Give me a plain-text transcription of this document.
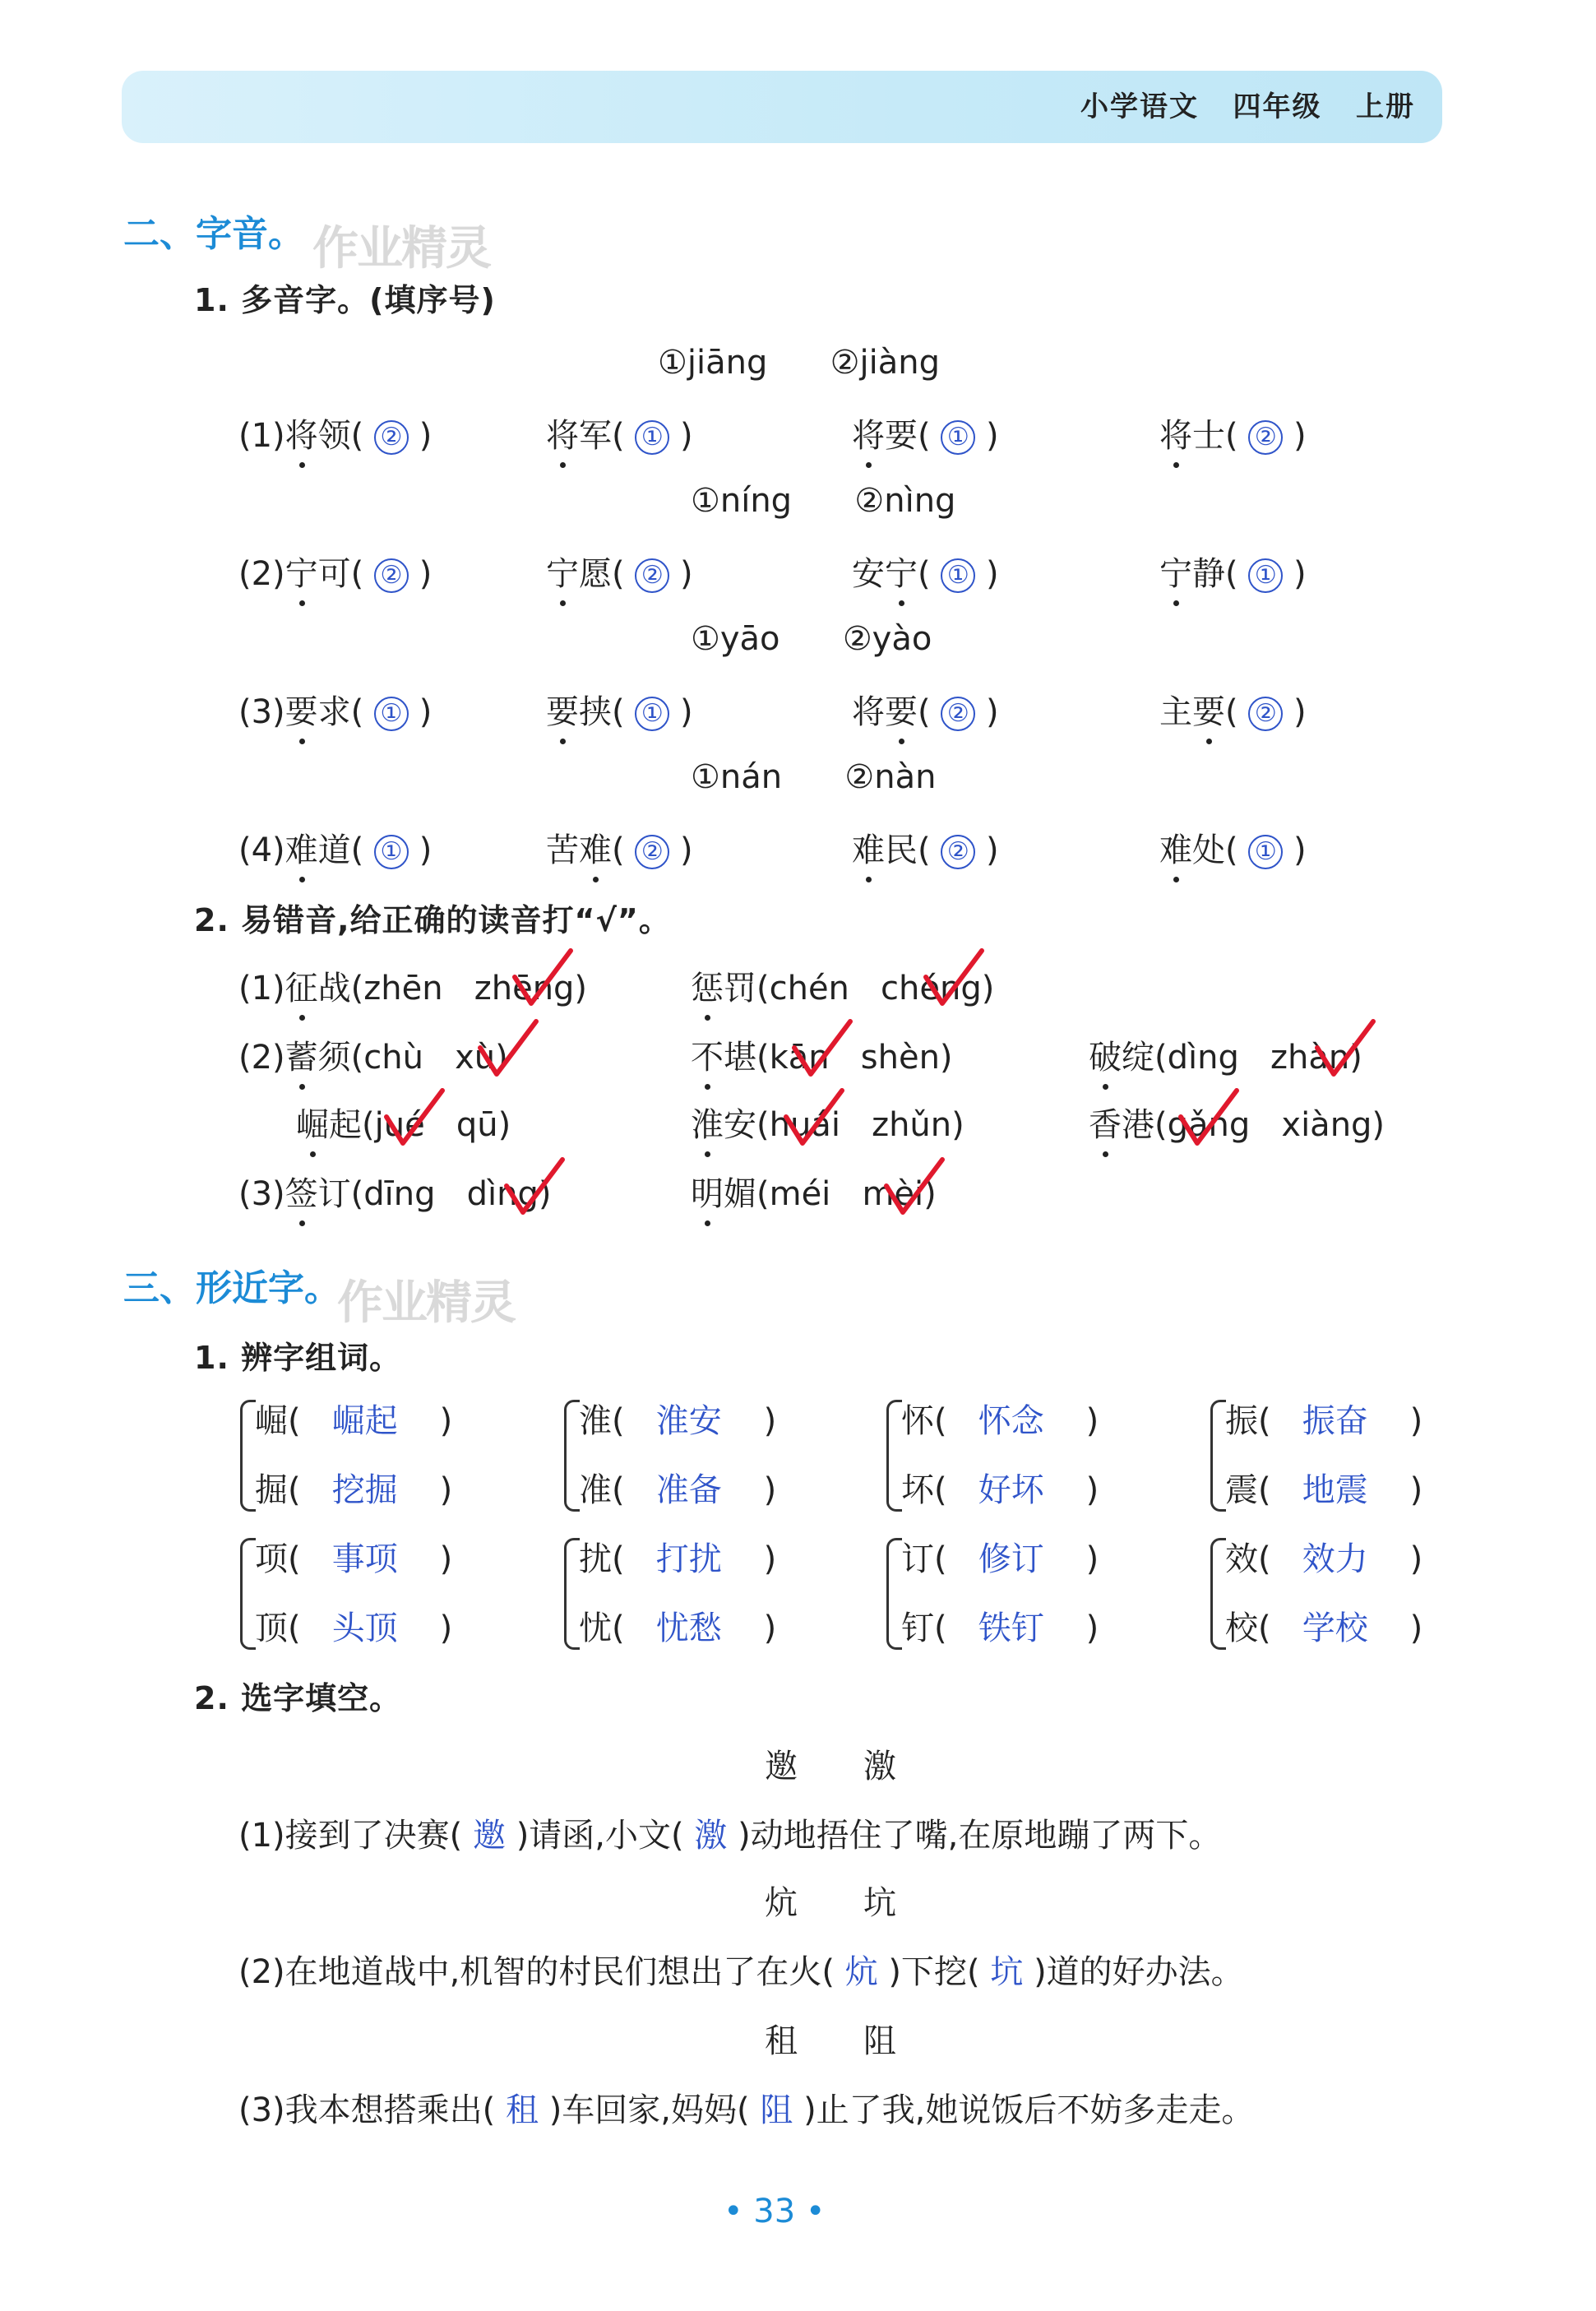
小学语文 四年级 上册
二、字音。 作业精灵
1. 多音字。(填序号)
2. 易错音,给正确的读音打“√”。
三、形近字。
作业精灵
1. 辨字组词。
2. 选字填空。
• 33 •
①jiāng ②jiàng
(1)将领( ② )	将军( ① )	将要( ① )	将士( ② )
①níng ②nìng
(2)宁可( ② )	宁愿( ② )	安宁( ① )	宁静( ① )
①yāo ②yào
(3)要求( ① )	要挟( ① )	将要( ② )	主要( ② )
①nán ②nàn
(4)难道( ① )	苦难( ② )	难民( ② )	难处( ① )
(1)征战(zhēn   zhēng)	惩罚(chén   chéng)
(2)蓄须(chù   xù)	不堪(kān   shèn)	破绽(dìng   zhàn)
崛起(jué   qū)	淮安(huái   zhǔn)	香港(gǎng   xiàng)
(3)签订(dīng   dìng)	明媚(méi   mèi)
崛(   崛起    )
掘(   挖掘    )
淮(   淮安    )
准(   准备    )
怀(   怀念    )
坏(   好坏    )
振(   振奋    )
震(   地震    )
项(   事项    )
顶(   头顶    )
扰(   打扰    )
忧(   忧愁    )
订(   修订    )
钉(   铁钉    )
效(   效力    )
校(   学校    )
邀　　激
(1)接到了决赛( 邀 )请函,小文( 激 )动地捂住了嘴,在原地蹦了两下。
炕　　坑
(2)在地道战中,机智的村民们想出了在火( 炕 )下挖( 坑 )道的好办法。
租　　阻
(3)我本想搭乘出( 租 )车回家,妈妈( 阻 )止了我,她说饭后不妨多走走。
